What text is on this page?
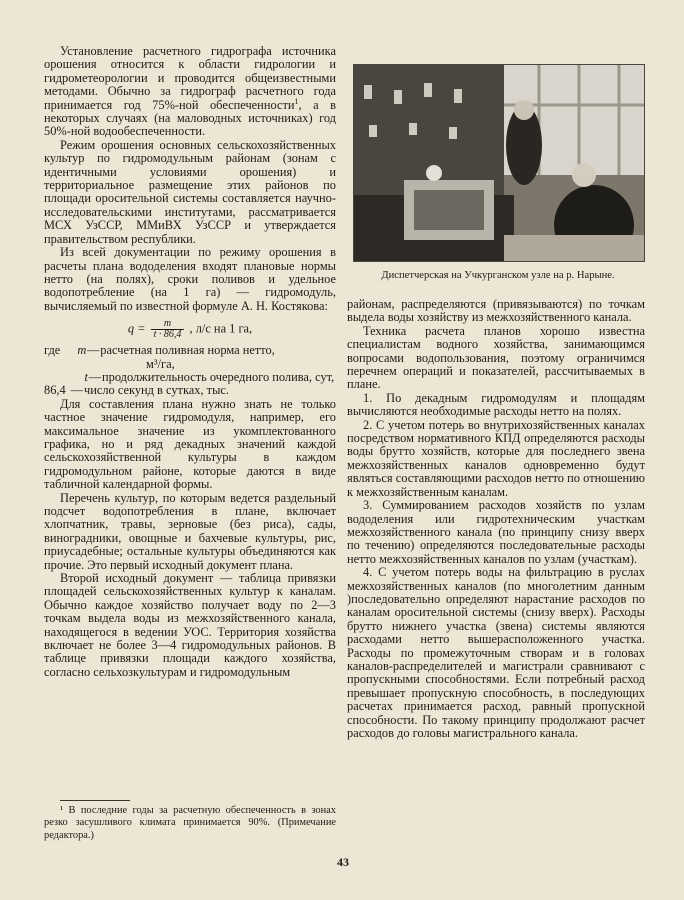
Установление расчетного гидрографа источника орошения относится к области гидрологии и гидрометеорологии и проводится общеизвестными методами. Обычно за гидрограф расчетного года принимается год 75%-ной обеспеченности$^1$, а в некоторых случаях (на маловодных источниках) год 50%-ной водообеспеченности.

Режим орошения основных сельскохозяйственных культур по гидромодульным районам (зонам с идентичными условиями орошения) и территориальное размещение этих районов по площади оросительной системы составляется научно-исследовательскими институтами, рассматривается МСХ УзССР, ММиВХ УзССР и утверждается правительством республики.

Из всей документации по режиму орошения в расчеты плана вододеления входят плановые нормы нетто (на полях), сроки поливов и удельное водопотребление (на 1 га) — гидромодуль, вычисляемый по известной формуле А. Н. Костякова:

$q = \frac{m}{t \cdot 86,4}$ , л/с на 1 га,
где	m — расчетная поливная норма нетто,
м³/га,
t — продолжительность очередного полива, сут,
86,4 — число секунд в сутках, тыс.

Для составления плана нужно знать не только частное значение гидромодуля, например, его максимальное значение из укомплектованного графика, но и ряд декадных значений каждой сельскохозяйственной культуры в каждом гидромодульном районе, которые даются в виде табличной календарной формы.

Перечень культур, по которым ведется раздельный подсчет водопотребления в плане, включает хлопчатник, травы, зерновые (без риса), сады, виноградники, овощные и бахчевые культуры, рис, приусадебные; остальные культуры объединяются как прочие. Это первый исходный документ плана.

Второй исходный документ — таблица привязки площадей сельскохозяйственных культур к каналам. Обычно каждое хозяйство получает воду по 2—3 точкам выдела воды из межхозяйственного канала, находящегося в ведении УОС. Территория хозяйства включает не более 3—4 гидромодульных районов. В таблице привязки площади каждого хозяйства, согласно сельхозкультурам и гидромодульным

¹ В последние годы за расчетную обеспеченность в зонах резко засушливого климата принимается 90%. (Примечание редактора.)

Диспетчерская на Учкурганском узле на р. Нарыне.

районам, распределяются (привязываются) по точкам выдела воды хозяйству из межхозяйственного канала.

Техника расчета планов хорошо известна специалистам водного хозяйства, занимающимся вопросами водопользования, поэтому ограничимся перечнем операций и показателей, рассчитываемых в плане.

1. По декадным гидромодулям и площадям вычисляются необходимые расходы нетто на полях.

2. С учетом потерь во внутрихозяйственных каналах посредством нормативного КПД определяются расходы воды брутто хозяйств, которые для последнего звена межхозяйственных каналов одновременно будут являться составляющими расходов нетто по отношению к межхозяйственным каналам.

3. Суммированием расходов хозяйств по узлам вододеления или гидротехническим участкам межхозяйственного канала (по принципу снизу вверх по течению) определяются последовательные расходы нетто межхозяйственных каналов по узлам (участкам).

4. С учетом потерь воды на фильтрацию в руслах межхозяйственных каналов (по многолетним данным )последовательно определяют нарастание расходов по каналам оросительной системы (снизу вверх). Расходы брутто нижнего участка (звена) системы являются расходами нетто вышерасположенного участка. Расходы по промежуточным створам и в головах каналов-распределителей и магистрали сравнивают с пропускными способностями. Если потребный расход превышает пропускную способность, в последующих расчетах принимается расход, равный пропускной способности. По такому принципу продолжают расчет расходов до головы магистрального канала.

43
